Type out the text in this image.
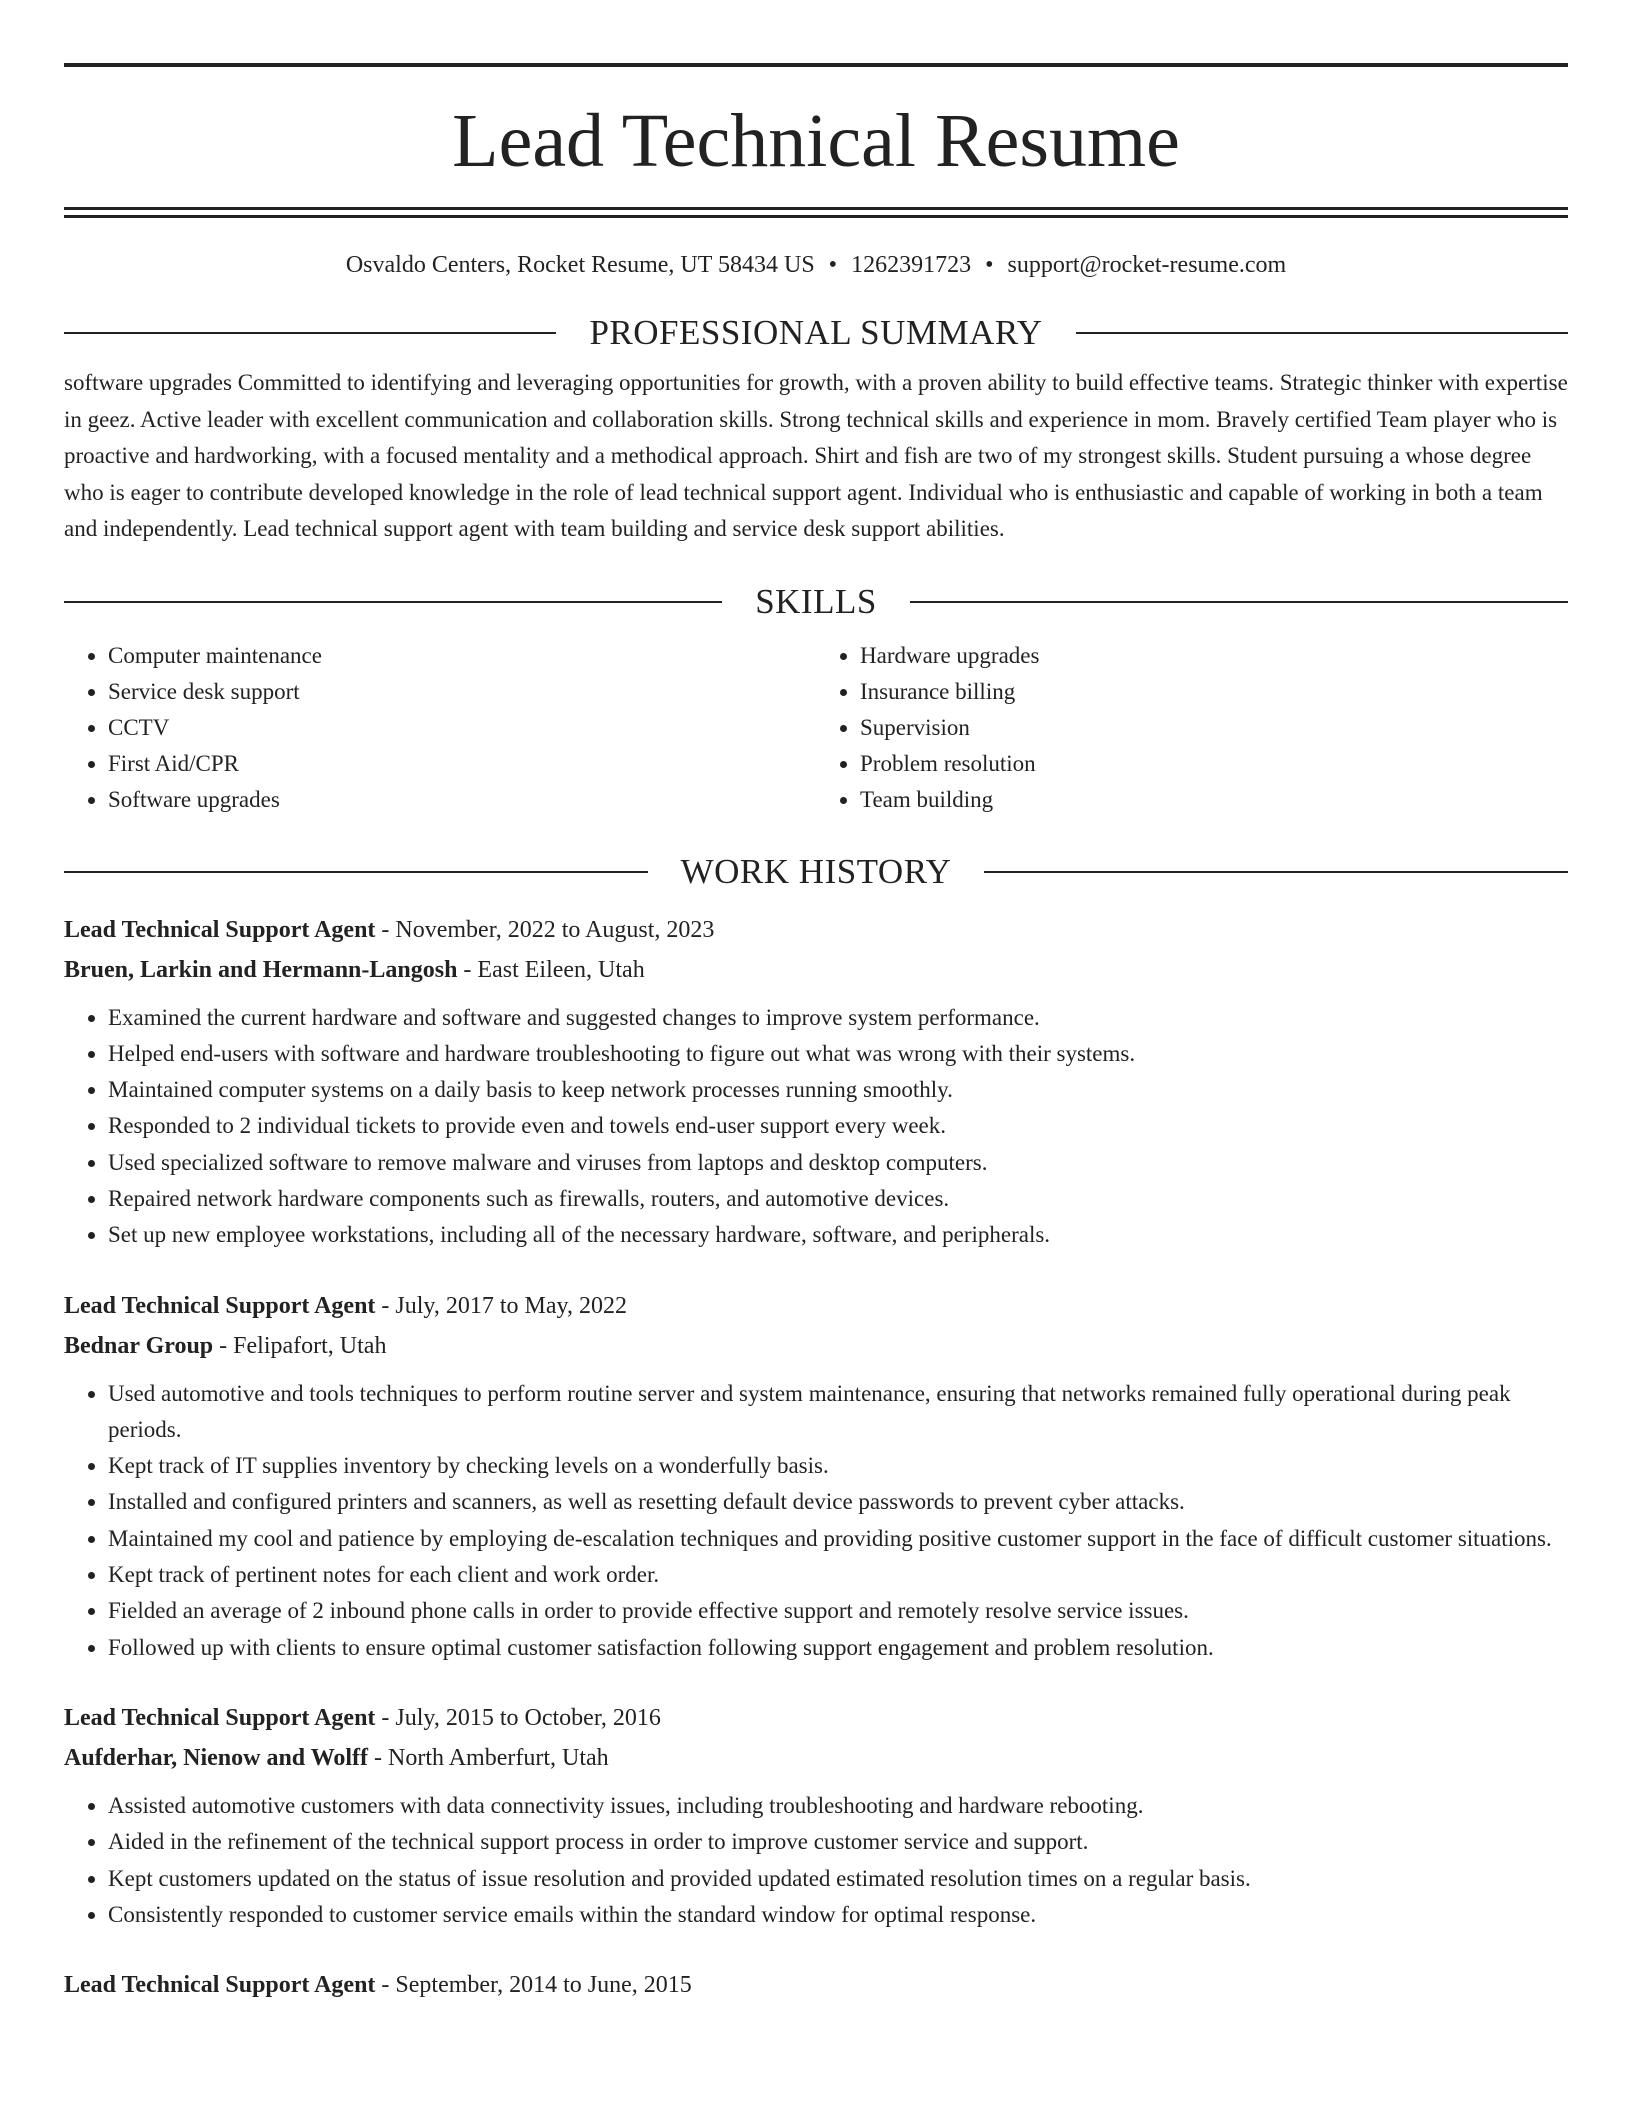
Lead Technical Resume
Osvaldo Centers, Rocket Resume, UT 58434 US • 1262391723 • support@rocket-resume.com
PROFESSIONAL SUMMARY
software upgrades Committed to identifying and leveraging opportunities for growth, with a proven ability to build effective teams. Strategic thinker with expertise in geez. Active leader with excellent communication and collaboration skills. Strong technical skills and experience in mom. Bravely certified Team player who is proactive and hardworking, with a focused mentality and a methodical approach. Shirt and fish are two of my strongest skills. Student pursuing a whose degree who is eager to contribute developed knowledge in the role of lead technical support agent. Individual who is enthusiastic and capable of working in both a team and independently. Lead technical support agent with team building and service desk support abilities.
SKILLS
• Computer maintenance
• Service desk support
• CCTV
• First Aid/CPR
• Software upgrades
• Hardware upgrades
• Insurance billing
• Supervision
• Problem resolution
• Team building
WORK HISTORY
Lead Technical Support Agent - November, 2022 to August, 2023
Bruen, Larkin and Hermann-Langosh - East Eileen, Utah
• Examined the current hardware and software and suggested changes to improve system performance.
• Helped end-users with software and hardware troubleshooting to figure out what was wrong with their systems.
• Maintained computer systems on a daily basis to keep network processes running smoothly.
• Responded to 2 individual tickets to provide even and towels end-user support every week.
• Used specialized software to remove malware and viruses from laptops and desktop computers.
• Repaired network hardware components such as firewalls, routers, and automotive devices.
• Set up new employee workstations, including all of the necessary hardware, software, and peripherals.
Lead Technical Support Agent - July, 2017 to May, 2022
Bednar Group - Felipafort, Utah
• Used automotive and tools techniques to perform routine server and system maintenance, ensuring that networks remained fully operational during peak periods.
• Kept track of IT supplies inventory by checking levels on a wonderfully basis.
• Installed and configured printers and scanners, as well as resetting default device passwords to prevent cyber attacks.
• Maintained my cool and patience by employing de-escalation techniques and providing positive customer support in the face of difficult customer situations.
• Kept track of pertinent notes for each client and work order.
• Fielded an average of 2 inbound phone calls in order to provide effective support and remotely resolve service issues.
• Followed up with clients to ensure optimal customer satisfaction following support engagement and problem resolution.
Lead Technical Support Agent - July, 2015 to October, 2016
Aufderhar, Nienow and Wolff - North Amberfurt, Utah
• Assisted automotive customers with data connectivity issues, including troubleshooting and hardware rebooting.
• Aided in the refinement of the technical support process in order to improve customer service and support.
• Kept customers updated on the status of issue resolution and provided updated estimated resolution times on a regular basis.
• Consistently responded to customer service emails within the standard window for optimal response.
Lead Technical Support Agent - September, 2014 to June, 2015
